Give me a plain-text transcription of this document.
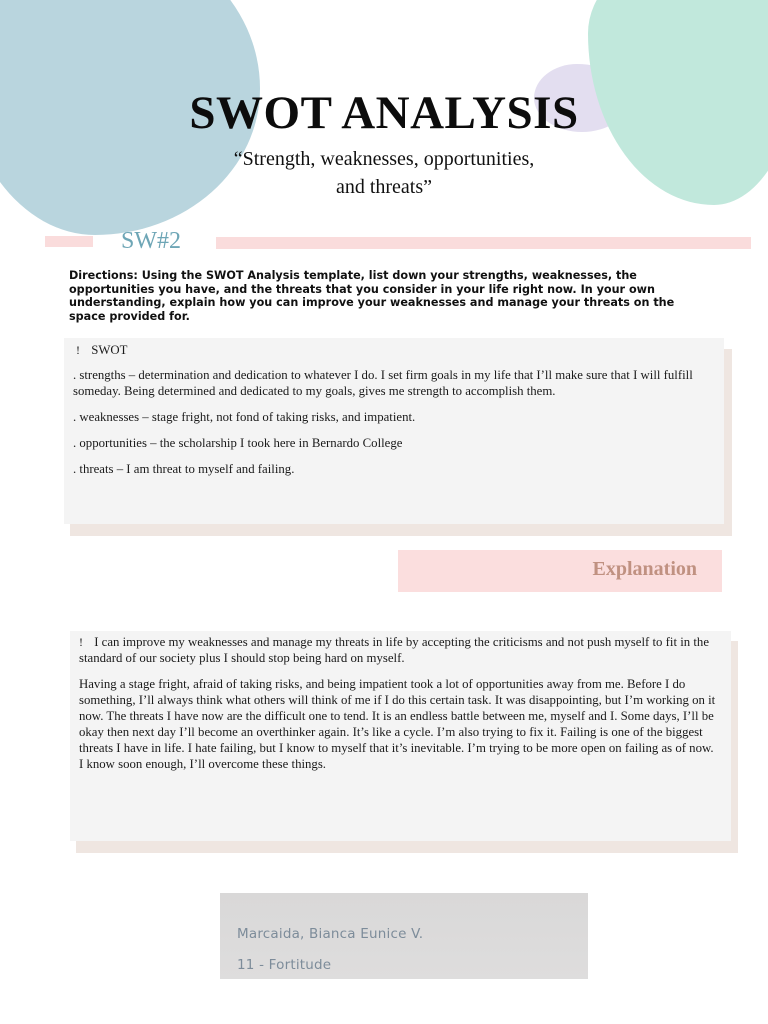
SWOT ANALYSIS
“Strength, weaknesses, opportunities,
and threats”
SW#2

Directions: Using the SWOT Analysis template, list down your strengths, weaknesses, the opportunities you have, and the threats that you consider in your life right now. In your own understanding, explain how you can improve your weaknesses and manage your threats on the space provided for.

! SWOT

. strengths – determination and dedication to whatever I do. I set firm goals in my life that I’ll make sure that I will fulfill someday. Being determined and dedicated to my goals, gives me strength to accomplish them.

. weaknesses – stage fright, not fond of taking risks, and impatient.

. opportunities – the scholarship I took here in Bernardo College

. threats – I am threat to myself and failing.

Explanation

! I can improve my weaknesses and manage my threats in life by accepting the criticisms and not push myself to fit in the standard of our society plus I should stop being hard on myself.

Having a stage fright, afraid of taking risks, and being impatient took a lot of opportunities away from me. Before I do something, I’ll always think what others will think of me if I do this certain task. It was disappointing, but I’m working on it now. The threats I have now are the difficult one to tend. It is an endless battle between me, myself and I. Some days, I’ll be okay then next day I’ll become an overthinker again. It’s like a cycle. I’m also trying to fix it. Failing is one of the biggest threats I have in life. I hate failing, but I know to myself that it’s inevitable. I’m trying to be more open on failing as of now. I know soon enough, I’ll overcome these things.

Marcaida, Bianca Eunice V.
11 - Fortitude
